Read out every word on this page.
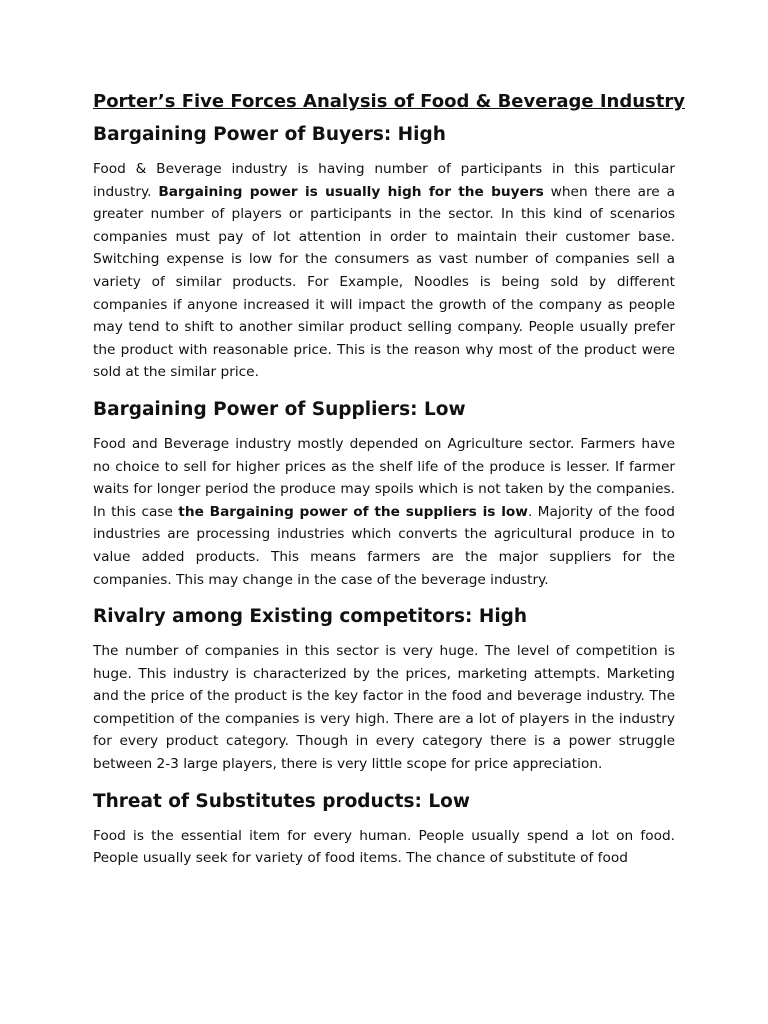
Porter’s Five Forces Analysis of Food & Beverage Industry
Bargaining Power of Buyers: High

Food & Beverage industry is having number of participants in this particular industry. Bargaining power is usually high for the buyers when there are a greater number of players or participants in the sector. In this kind of scenarios companies must pay of lot attention in order to maintain their customer base. Switching expense is low for the consumers as vast number of companies sell a variety of similar products. For Example, Noodles is being sold by different companies if anyone increased it will impact the growth of the company as people may tend to shift to another similar product selling company. People usually prefer the product with reasonable price. This is the reason why most of the product were sold at the similar price.

Bargaining Power of Suppliers: Low

Food and Beverage industry mostly depended on Agriculture sector. Farmers have no choice to sell for higher prices as the shelf life of the produce is lesser. If farmer waits for longer period the produce may spoils which is not taken by the companies. In this case the Bargaining power of the suppliers is low. Majority of the food industries are processing industries which converts the agricultural produce in to value added products. This means farmers are the major suppliers for the companies. This may change in the case of the beverage industry.

Rivalry among Existing competitors: High

The number of companies in this sector is very huge. The level of competition is huge. This industry is characterized by the prices, marketing attempts. Marketing and the price of the product is the key factor in the food and beverage industry. The competition of the companies is very high. There are a lot of players in the industry for every product category. Though in every category there is a power struggle between 2-3 large players, there is very little scope for price appreciation.

Threat of Substitutes products: Low

Food is the essential item for every human. People usually spend a lot on food. People usually seek for variety of food items. The chance of substitute of food
